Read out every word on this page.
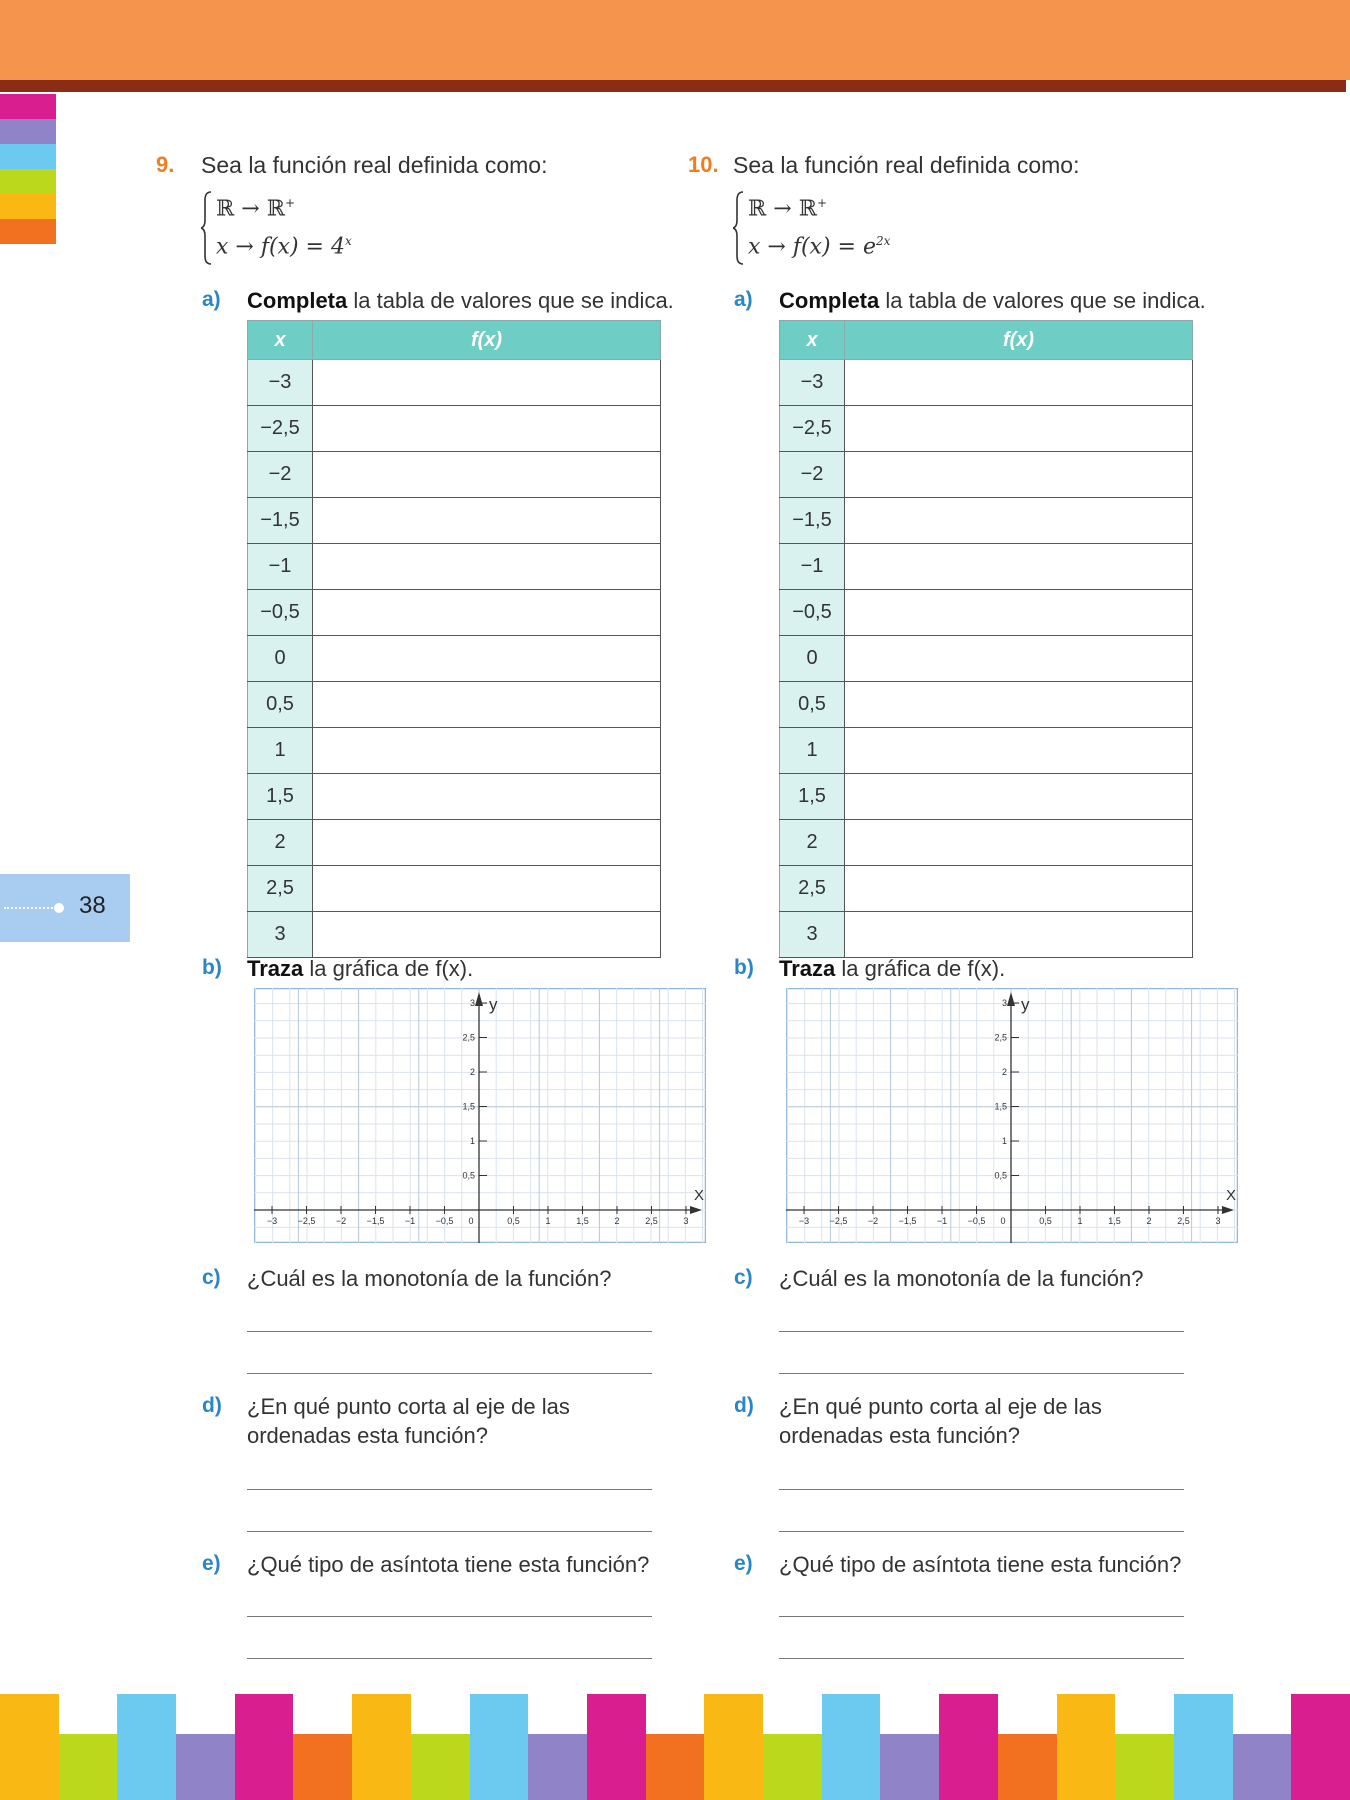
38
9. Sea la función real definida como:
ℝ → ℝ+
$x \to f(x) = 4^x$
a) Completa la tabla de valores que se indica.
x	f(x)
−3	
−2,5	
−2	
−1,5	
−1	
−0,5	
0	
0,5	
1	
1,5	
2	
2,5	
3	
b) Traza la gráfica de f(x).
X
y
−3 −2,5 −2 −1,5 −1 −0,5 0	0,5	1	1,5	2	2,5	3
0,5
1
1,5
2
2,5
3
c) ¿Cuál es la monotonía de la función?
d) ¿En qué punto corta al eje de las ordenadas esta función?
e) ¿Qué tipo de asíntota tiene esta función?
10. Sea la función real definida como:
ℝ → ℝ+
$x \to f(x) = e^{2x}$
a) Completa la tabla de valores que se indica.
x	f(x)
−3	
−2,5	
−2	
−1,5	
−1	
−0,5	
0	
0,5	
1	
1,5	
2	
2,5	
3	
b) Traza la gráfica de f(x).
X
y
−3 −2,5 −2 −1,5 −1 −0,5 0	0,5	1	1,5	2	2,5	3
0,5
1
1,5
2
2,5
3
c) ¿Cuál es la monotonía de la función?
d) ¿En qué punto corta al eje de las ordenadas esta función?
e) ¿Qué tipo de asíntota tiene esta función?
